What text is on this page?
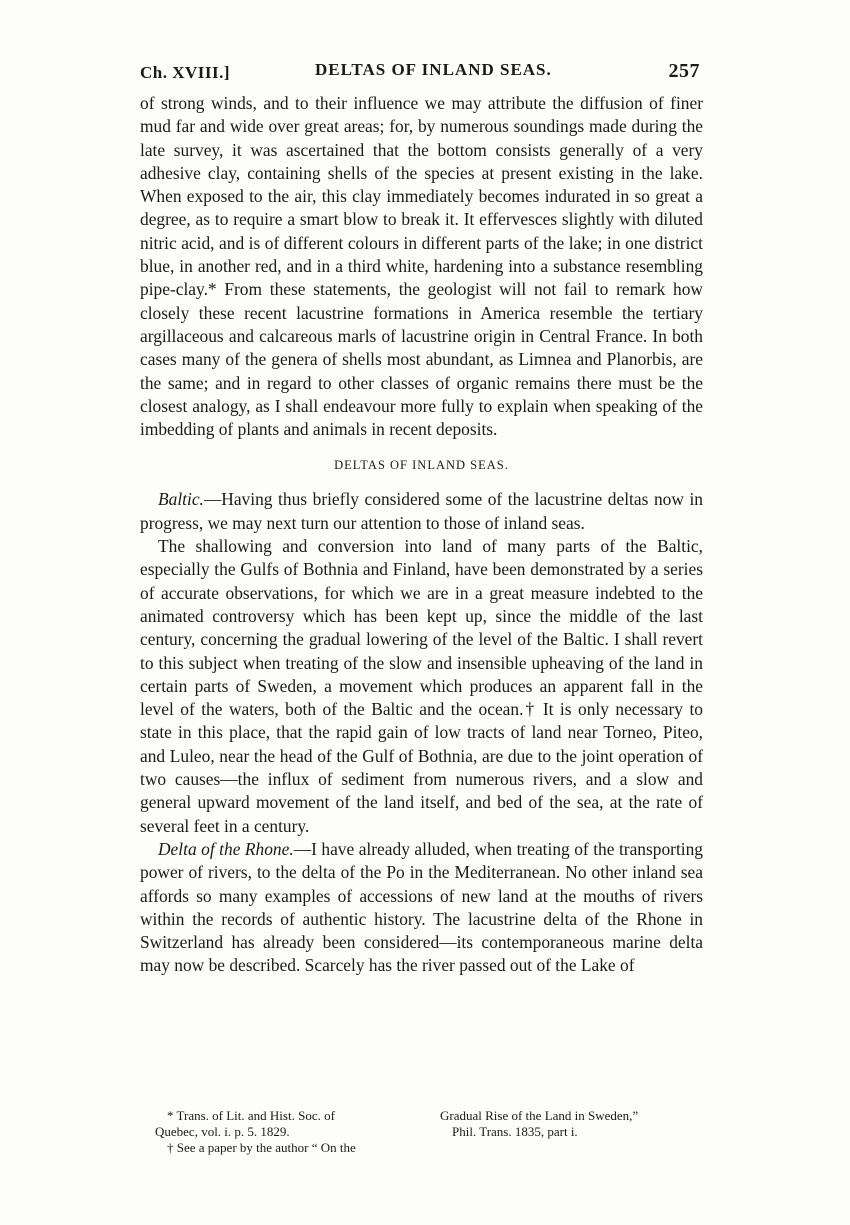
Ch. XVIII.]	DELTAS OF INLAND SEAS.	257

of strong winds, and to their influence we may attribute the diffusion of finer mud far and wide over great areas; for, by numerous soundings made during the late survey, it was ascertained that the bottom consists generally of a very adhesive clay, containing shells of the species at present existing in the lake. When exposed to the air, this clay immediately becomes indurated in so great a degree, as to require a smart blow to break it. It effervesces slightly with diluted nitric acid, and is of different colours in different parts of the lake; in one district blue, in another red, and in a third white, hardening into a substance resembling pipe-clay.* From these statements, the geologist will not fail to remark how closely these recent lacustrine formations in America resemble the tertiary argillaceous and calcareous marls of lacustrine origin in Central France. In both cases many of the genera of shells most abundant, as Limnea and Planorbis, are the same; and in regard to other classes of organic remains there must be the closest analogy, as I shall endeavour more fully to explain when speaking of the imbedding of plants and animals in recent deposits.

DELTAS OF INLAND SEAS.

Baltic.—Having thus briefly considered some of the lacustrine deltas now in progress, we may next turn our attention to those of inland seas.

The shallowing and conversion into land of many parts of the Baltic, especially the Gulfs of Bothnia and Finland, have been demonstrated by a series of accurate observations, for which we are in a great measure indebted to the animated controversy which has been kept up, since the middle of the last century, concerning the gradual lowering of the level of the Baltic. I shall revert to this subject when treating of the slow and insensible upheaving of the land in certain parts of Sweden, a movement which produces an apparent fall in the level of the waters, both of the Baltic and the ocean.† It is only necessary to state in this place, that the rapid gain of low tracts of land near Torneo, Piteo, and Luleo, near the head of the Gulf of Bothnia, are due to the joint operation of two causes—the influx of sediment from numerous rivers, and a slow and general upward movement of the land itself, and bed of the sea, at the rate of several feet in a century.

Delta of the Rhone.—I have already alluded, when treating of the transporting power of rivers, to the delta of the Po in the Mediterranean. No other inland sea affords so many examples of accessions of new land at the mouths of rivers within the records of authentic history. The lacustrine delta of the Rhone in Switzerland has already been considered—its contemporaneous marine delta may now be described. Scarcely has the river passed out of the Lake of

* Trans. of Lit. and Hist. Soc. of
Quebec, vol. i. p. 5. 1829.
† See a paper by the author “ On the
Gradual Rise of the Land in Sweden,”
Phil. Trans. 1835, part i.
